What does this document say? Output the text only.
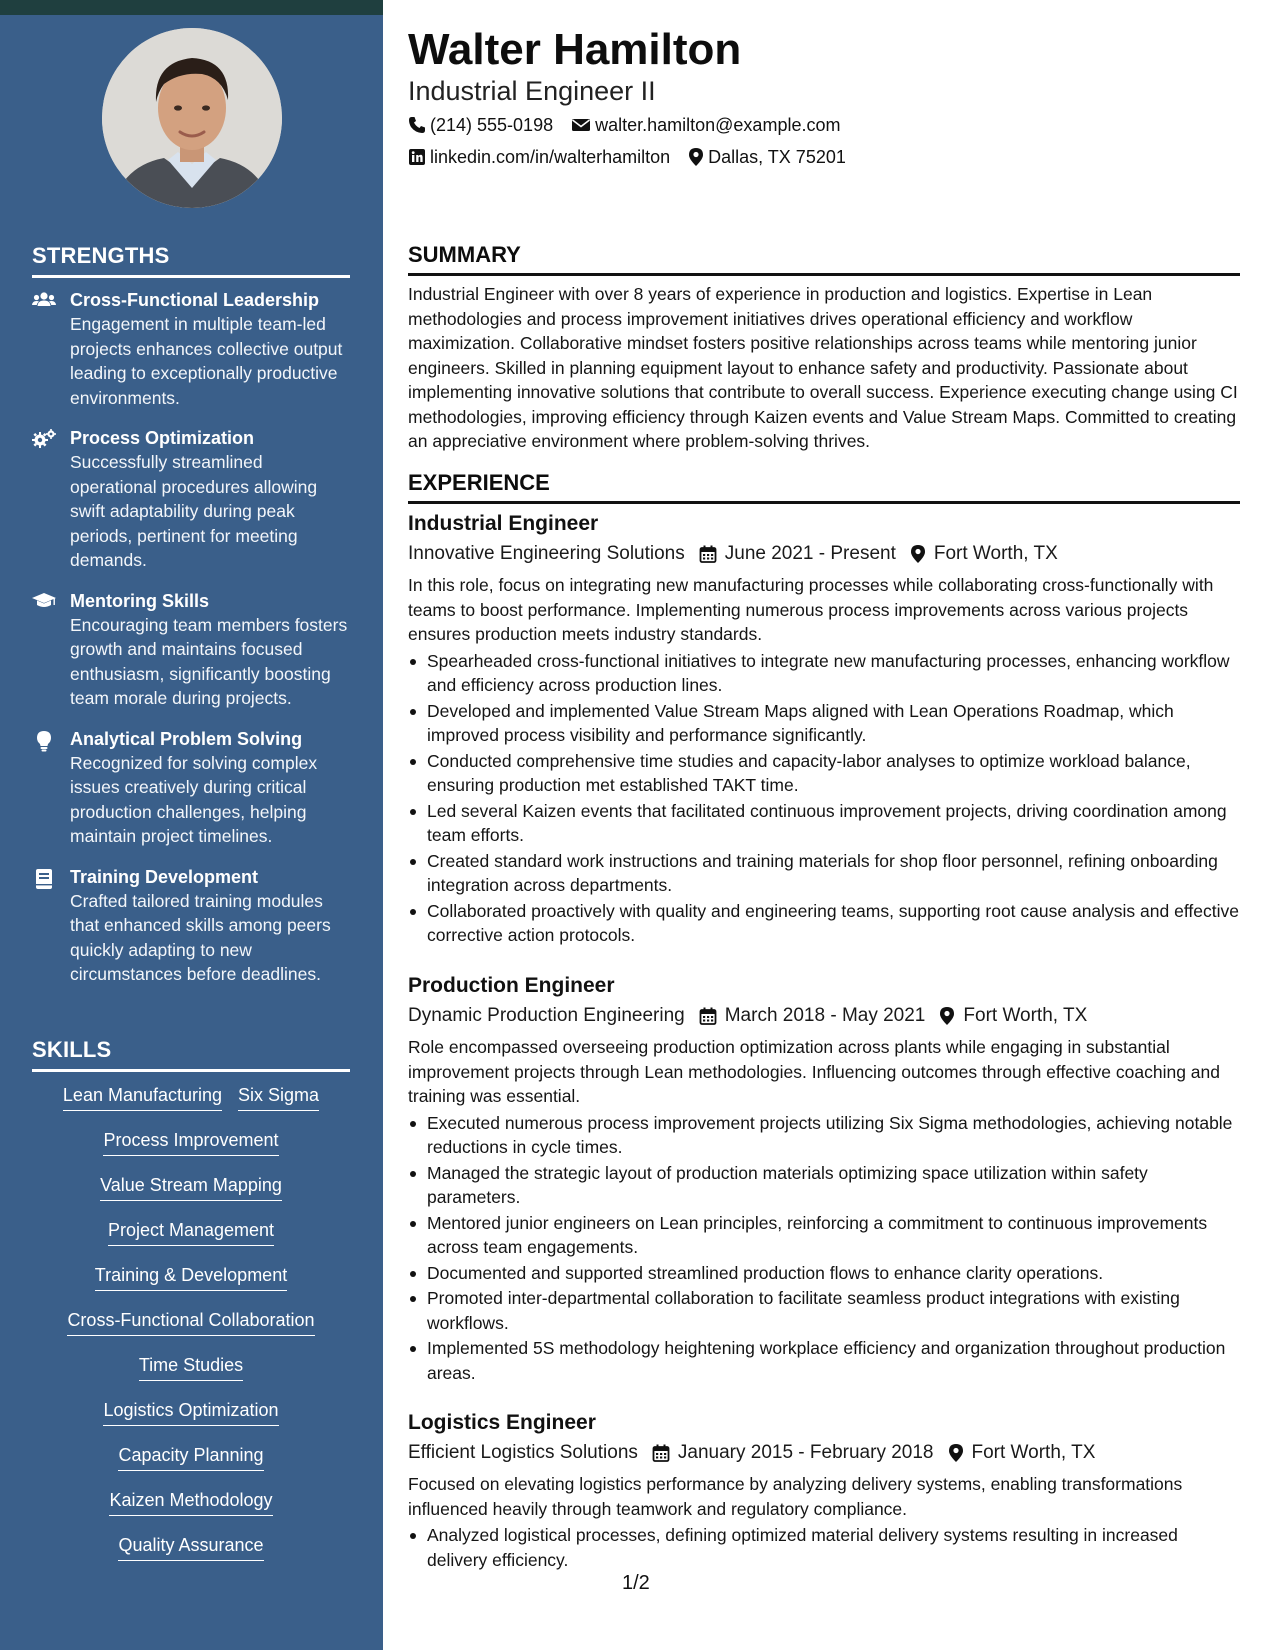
STRENGTHS
Cross-Functional Leadership
Engagement in multiple team-led projects enhances collective output leading to exceptionally productive environments.
Process Optimization
Successfully streamlined operational procedures allowing swift adaptability during peak periods, pertinent for meeting demands.
Mentoring Skills
Encouraging team members fosters growth and maintains focused enthusiasm, significantly boosting team morale during projects.
Analytical Problem Solving
Recognized for solving complex issues creatively during critical production challenges, helping maintain project timelines.
Training Development
Crafted tailored training modules that enhanced skills among peers quickly adapting to new circumstances before deadlines.
SKILLS
Lean Manufacturing Six Sigma
Process Improvement
Value Stream Mapping
Project Management
Training & Development
Cross-Functional Collaboration
Time Studies
Logistics Optimization
Capacity Planning
Kaizen Methodology
Quality Assurance
Walter Hamilton
Industrial Engineer II
(214) 555-0198 walter.hamilton@example.com
linkedin.com/in/walterhamilton Dallas, TX 75201
SUMMARY
Industrial Engineer with over 8 years of experience in production and logistics. Expertise in Lean methodologies and process improvement initiatives drives operational efficiency and workflow maximization. Collaborative mindset fosters positive relationships across teams while mentoring junior engineers. Skilled in planning equipment layout to enhance safety and productivity. Passionate about implementing innovative solutions that contribute to overall success. Experience executing change using CI methodologies, improving efficiency through Kaizen events and Value Stream Maps. Committed to creating an appreciative environment where problem-solving thrives.
EXPERIENCE
Industrial Engineer
Innovative Engineering Solutions June 2021 - Present Fort Worth, TX
In this role, focus on integrating new manufacturing processes while collaborating cross-functionally with teams to boost performance. Implementing numerous process improvements across various projects ensures production meets industry standards.
Spearheaded cross-functional initiatives to integrate new manufacturing processes, enhancing workflow and efficiency across production lines.
Developed and implemented Value Stream Maps aligned with Lean Operations Roadmap, which improved process visibility and performance significantly.
Conducted comprehensive time studies and capacity-labor analyses to optimize workload balance, ensuring production met established TAKT time.
Led several Kaizen events that facilitated continuous improvement projects, driving coordination among team efforts.
Created standard work instructions and training materials for shop floor personnel, refining onboarding integration across departments.
Collaborated proactively with quality and engineering teams, supporting root cause analysis and effective corrective action protocols.
Production Engineer
Dynamic Production Engineering March 2018 - May 2021 Fort Worth, TX
Role encompassed overseeing production optimization across plants while engaging in substantial improvement projects through Lean methodologies. Influencing outcomes through effective coaching and training was essential.
Executed numerous process improvement projects utilizing Six Sigma methodologies, achieving notable reductions in cycle times.
Managed the strategic layout of production materials optimizing space utilization within safety parameters.
Mentored junior engineers on Lean principles, reinforcing a commitment to continuous improvements across team engagements.
Documented and supported streamlined production flows to enhance clarity operations.
Promoted inter-departmental collaboration to facilitate seamless product integrations with existing workflows.
Implemented 5S methodology heightening workplace efficiency and organization throughout production areas.
Logistics Engineer
Efficient Logistics Solutions January 2015 - February 2018 Fort Worth, TX
Focused on elevating logistics performance by analyzing delivery systems, enabling transformations influenced heavily through teamwork and regulatory compliance.
Analyzed logistical processes, defining optimized material delivery systems resulting in increased delivery efficiency.
1/2
